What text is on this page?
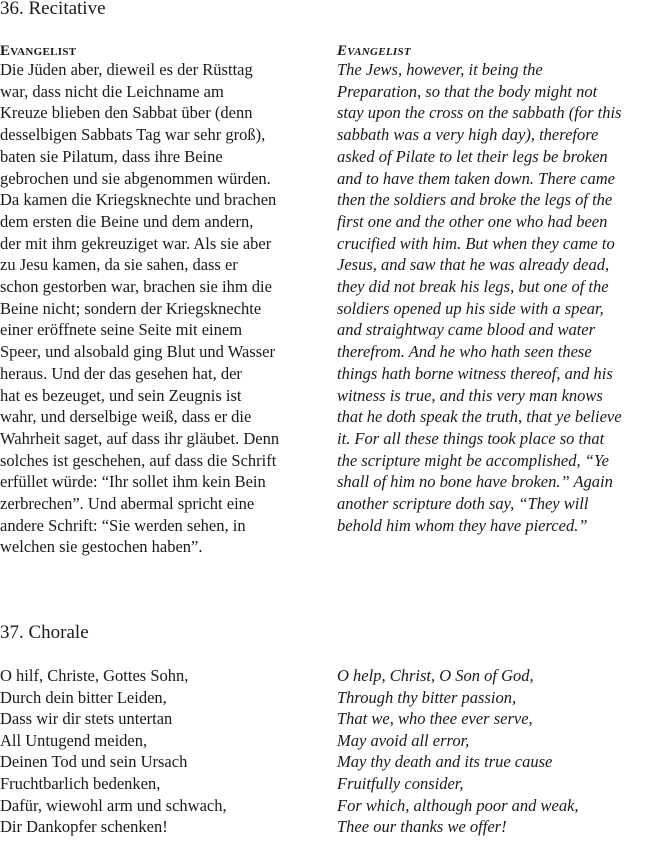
36. Recitative
Evangelist
Die Jüden aber, dieweil es der Rüsttag
war, dass nicht die Leichname am
Kreuze blieben den Sabbat über (denn
desselbigen Sabbats Tag war sehr groß),
baten sie Pilatum, dass ihre Beine
gebrochen und sie abgenommen würden.
Da kamen die Kriegsknechte und brachen
dem ersten die Beine und dem andern,
der mit ihm gekreuziget war. Als sie aber
zu Jesu kamen, da sie sahen, dass er
schon gestorben war, brachen sie ihm die
Beine nicht; sondern der Kriegsknechte
einer eröffnete seine Seite mit einem
Speer, und alsobald ging Blut und Wasser
heraus. Und der das gesehen hat, der
hat es bezeuget, und sein Zeugnis ist
wahr, und derselbige weiß, dass er die
Wahrheit saget, auf dass ihr gläubet. Denn
solches ist geschehen, auf dass die Schrift
erfüllet würde: “Ihr sollet ihm kein Bein
zerbrechen”. Und abermal spricht eine
andere Schrift: “Sie werden sehen, in
welchen sie gestochen haben”.
Evangelist
The Jews, however, it being the
Preparation, so that the body might not
stay upon the cross on the sabbath (for this
sabbath was a very high day), therefore
asked of Pilate to let their legs be broken
and to have them taken down. There came
then the soldiers and broke the legs of the
first one and the other one who had been
crucified with him. But when they came to
Jesus, and saw that he was already dead,
they did not break his legs, but one of the
soldiers opened up his side with a spear,
and straightway came blood and water
therefrom. And he who hath seen these
things hath borne witness thereof, and his
witness is true, and this very man knows
that he doth speak the truth, that ye believe
it. For all these things took place so that
the scripture might be accomplished, “Ye
shall of him no bone have broken.” Again
another scripture doth say, “They will
behold him whom they have pierced.”
37. Chorale
O hilf, Christe, Gottes Sohn,
Durch dein bitter Leiden,
Dass wir dir stets untertan
All Untugend meiden,
Deinen Tod und sein Ursach
Fruchtbarlich bedenken,
Dafür, wiewohl arm und schwach,
Dir Dankopfer schenken!
O help, Christ, O Son of God,
Through thy bitter passion,
That we, who thee ever serve,
May avoid all error,
May thy death and its true cause
Fruitfully consider,
For which, although poor and weak,
Thee our thanks we offer!
